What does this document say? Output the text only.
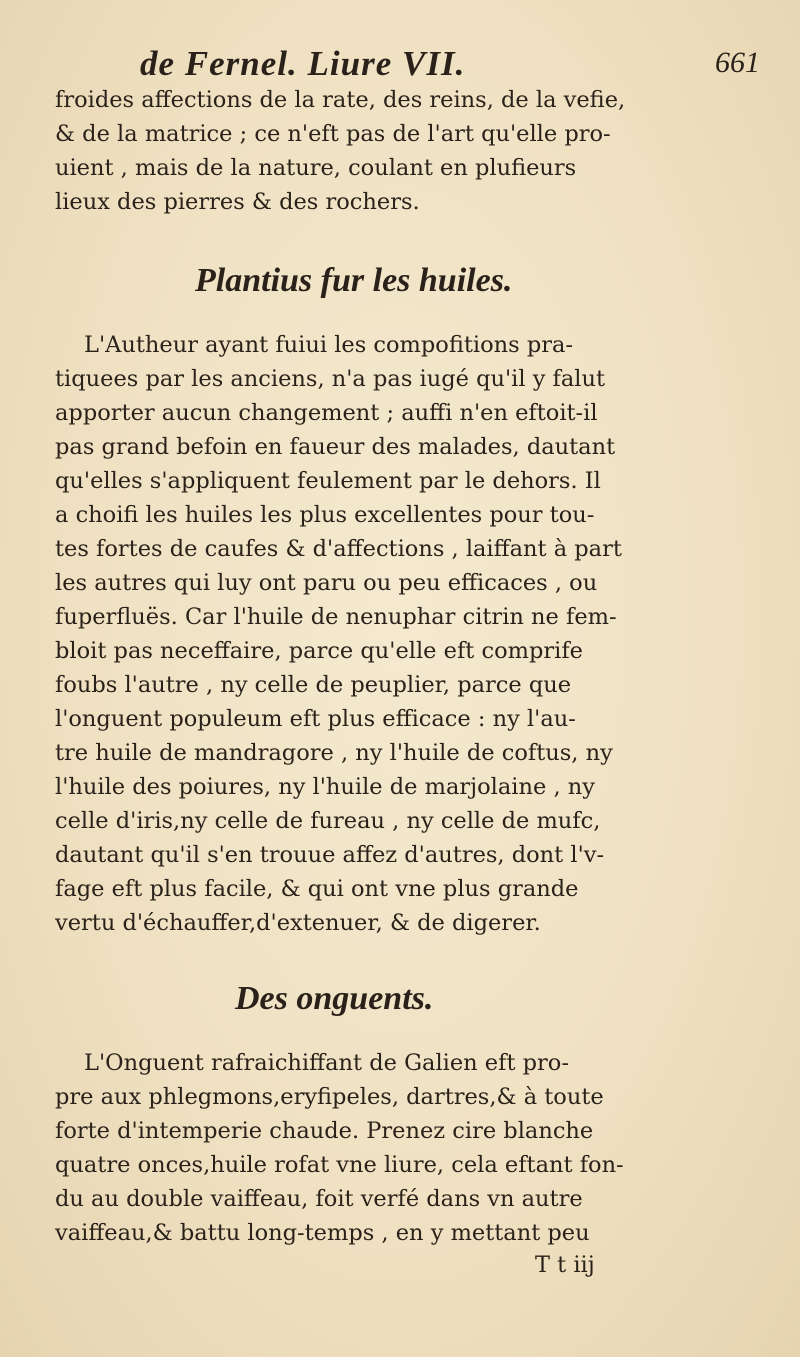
de Fernel. Liure VII.	661
froides affections de la rate, des reins, de la vefie,
& de la matrice ; ce n'eft pas de l'art qu'elle pro-
uient , mais de la nature, coulant en plufieurs
lieux des pierres & des rochers.
Plantius fur les huiles.
L'Autheur ayant fuiui les compofitions pra-
tiquees par les anciens, n'a pas iugé qu'il y falut
apporter aucun changement ; auffi n'en eftoit-il
pas grand befoin en faueur des malades, dautant
qu'elles s'appliquent feulement par le dehors. Il
a choifi les huiles les plus excellentes pour tou-
tes fortes de caufes & d'affections , laiffant à part
les autres qui luy ont paru ou peu efficaces , ou
fuperfluës. Car l'huile de nenuphar citrin ne fem-
bloit pas neceffaire, parce qu'elle eft comprife
foubs l'autre , ny celle de peuplier, parce que
l'onguent populeum eft plus efficace : ny l'au-
tre huile de mandragore , ny l'huile de coftus, ny
l'huile des poiures, ny l'huile de marjolaine , ny
celle d'iris,ny celle de fureau , ny celle de mufc,
dautant qu'il s'en trouue affez d'autres, dont l'v-
fage eft plus facile, & qui ont vne plus grande
vertu d'échauffer,d'extenuer, & de digerer.
Des onguents.
L'Onguent rafraichiffant de Galien eft pro-
pre aux phlegmons,eryfipeles, dartres,& à toute
forte d'intemperie chaude. Prenez cire blanche
quatre onces,huile rofat vne liure, cela eftant fon-
du au double vaiffeau, foit verfé dans vn autre
vaiffeau,& battu long-temps , en y mettant peu
T t iij
